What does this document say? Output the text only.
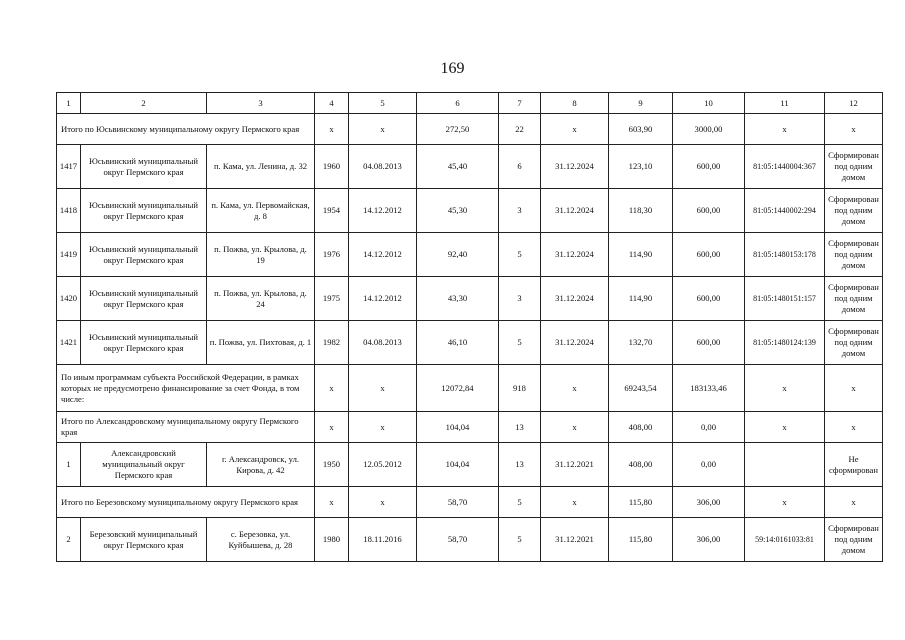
169
1	2	3	4	5	6	7	8	9	10	11	12
Итого по Юсьвинскому муниципальному округу Пермского края			x	x	272,50	22	x	603,90	3000,00	x	x
1417	Юсьвинский муниципальный округ Пермского края	п. Кама, ул. Ленина, д. 32	1960	04.08.2013	45,40	6	31.12.2024	123,10	600,00	81:05:1440004:367	Сформирован под одним домом
1418	Юсьвинский муниципальный округ Пермского края	п. Кама, ул. Первомайская, д. 8	1954	14.12.2012	45,30	3	31.12.2024	118,30	600,00	81:05:1440002:294	Сформирован под одним домом
1419	Юсьвинский муниципальный округ Пермского края	п. Пожва, ул. Крылова, д. 19	1976	14.12.2012	92,40	5	31.12.2024	114,90	600,00	81:05:1480153:178	Сформирован под одним домом
1420	Юсьвинский муниципальный округ Пермского края	п. Пожва, ул. Крылова, д. 24	1975	14.12.2012	43,30	3	31.12.2024	114,90	600,00	81:05:1480151:157	Сформирован под одним домом
1421	Юсьвинский муниципальный округ Пермского края	п. Пожва, ул. Пихтовая, д. 1	1982	04.08.2013	46,10	5	31.12.2024	132,70	600,00	81:05:1480124:139	Сформирован под одним домом
По иным программам субъекта Российской Федерации, в рамках которых не предусмотрено финансирование за счет Фонда, в том числе:			x	x	12072,84	918	x	69243,54	183133,46	x	x
Итого по Александровскому муниципальному округу Пермского края			x	x	104,04	13	x	408,00	0,00	x	x
1	Александровский муниципальный округ Пермского края	г. Александровск, ул. Кирова, д. 42	1950	12.05.2012	104,04	13	31.12.2021	408,00	0,00		Не сформирован
Итого по Березовскому муниципальному округу Пермского края			x	x	58,70	5	x	115,80	306,00	x	x
2	Березовский муниципальный округ Пермского края	с. Березовка, ул. Куйбышева, д. 28	1980	18.11.2016	58,70	5	31.12.2021	115,80	306,00	59:14:0161033:81	Сформирован под одним домом
